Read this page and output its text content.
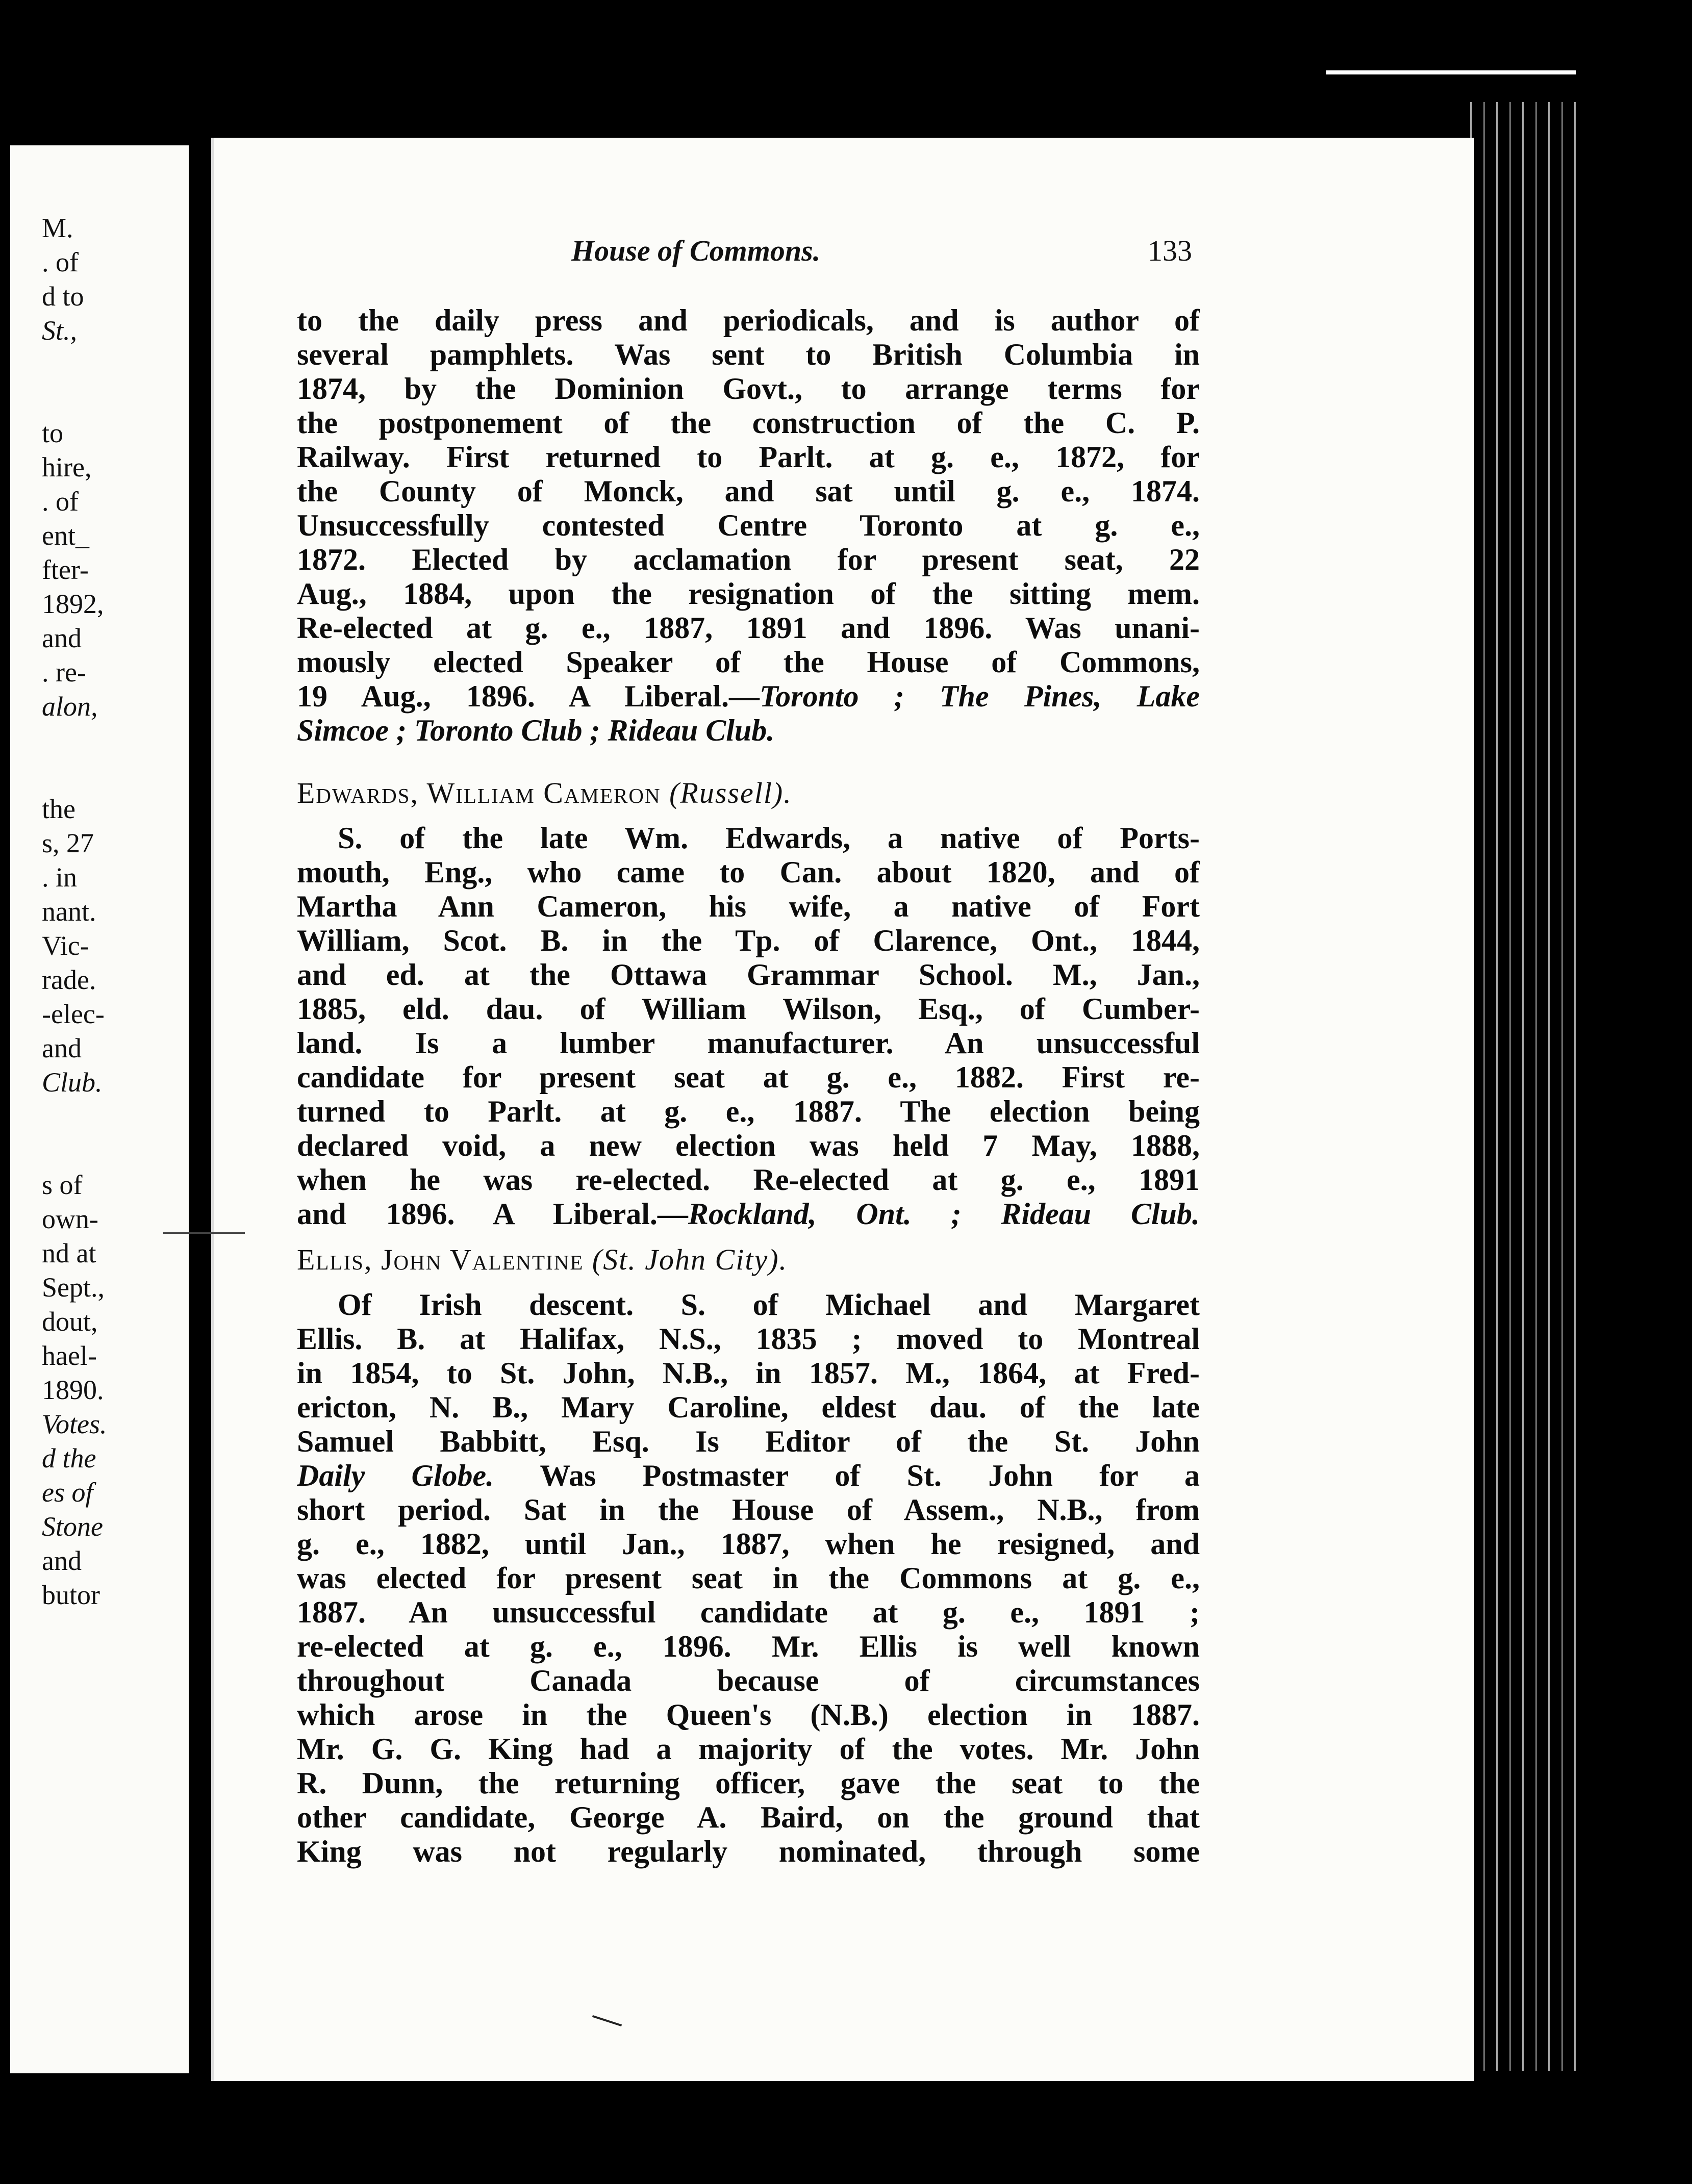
M.
. of
d to
St.,
to
hire,
. of
ent_
fter-
1892,
and
. re-
alon,
the
s, 27
. in
nant.
Vic-
rade.
-elec-
and
Club.
s of
own-
nd at
Sept.,
dout,
hael-
1890.
Votes.
d the
es of
Stone
and
butor
House of Commons.	133
to the daily press and periodicals, and is author of
several pamphlets. Was sent to British Columbia in
1874, by the Dominion Govt., to arrange terms for
the postponement of the construction of the C. P.
Railway. First returned to Parlt. at g. e., 1872, for
the County of Monck, and sat until g. e., 1874.
Unsuccessfully contested Centre Toronto at g. e.,
1872. Elected by acclamation for present seat, 22
Aug., 1884, upon the resignation of the sitting mem.
Re-elected at g. e., 1887, 1891 and 1896. Was unani-
mously elected Speaker of the House of Commons,
19 Aug., 1896. A Liberal.—Toronto ; The Pines, Lake
Simcoe ; Toronto Club ; Rideau Club.
Edwards, William Cameron (Russell).
S. of the late Wm. Edwards, a native of Ports-
mouth, Eng., who came to Can. about 1820, and of
Martha Ann Cameron, his wife, a native of Fort
William, Scot. B. in the Tp. of Clarence, Ont., 1844,
and ed. at the Ottawa Grammar School. M., Jan.,
1885, eld. dau. of William Wilson, Esq., of Cumber-
land. Is a lumber manufacturer. An unsuccessful
candidate for present seat at g. e., 1882. First re-
turned to Parlt. at g. e., 1887. The election being
declared void, a new election was held 7 May, 1888,
when he was re-elected. Re-elected at g. e., 1891
and 1896. A Liberal.—Rockland, Ont. ; Rideau Club.
Ellis, John Valentine (St. John City).
Of Irish descent. S. of Michael and Margaret
Ellis. B. at Halifax, N.S., 1835 ; moved to Montreal
in 1854, to St. John, N.B., in 1857. M., 1864, at Fred-
ericton, N. B., Mary Caroline, eldest dau. of the late
Samuel Babbitt, Esq. Is Editor of the St. John
Daily Globe. Was Postmaster of St. John for a
short period. Sat in the House of Assem., N.B., from
g. e., 1882, until Jan., 1887, when he resigned, and
was elected for present seat in the Commons at g. e.,
1887. An unsuccessful candidate at g. e., 1891 ;
re-elected at g. e., 1896. Mr. Ellis is well known
throughout Canada because of circumstances
which arose in the Queen's (N.B.) election in 1887.
Mr. G. G. King had a majority of the votes. Mr. John
R. Dunn, the returning officer, gave the seat to the
other candidate, George A. Baird, on the ground that
King was not regularly nominated, through some
